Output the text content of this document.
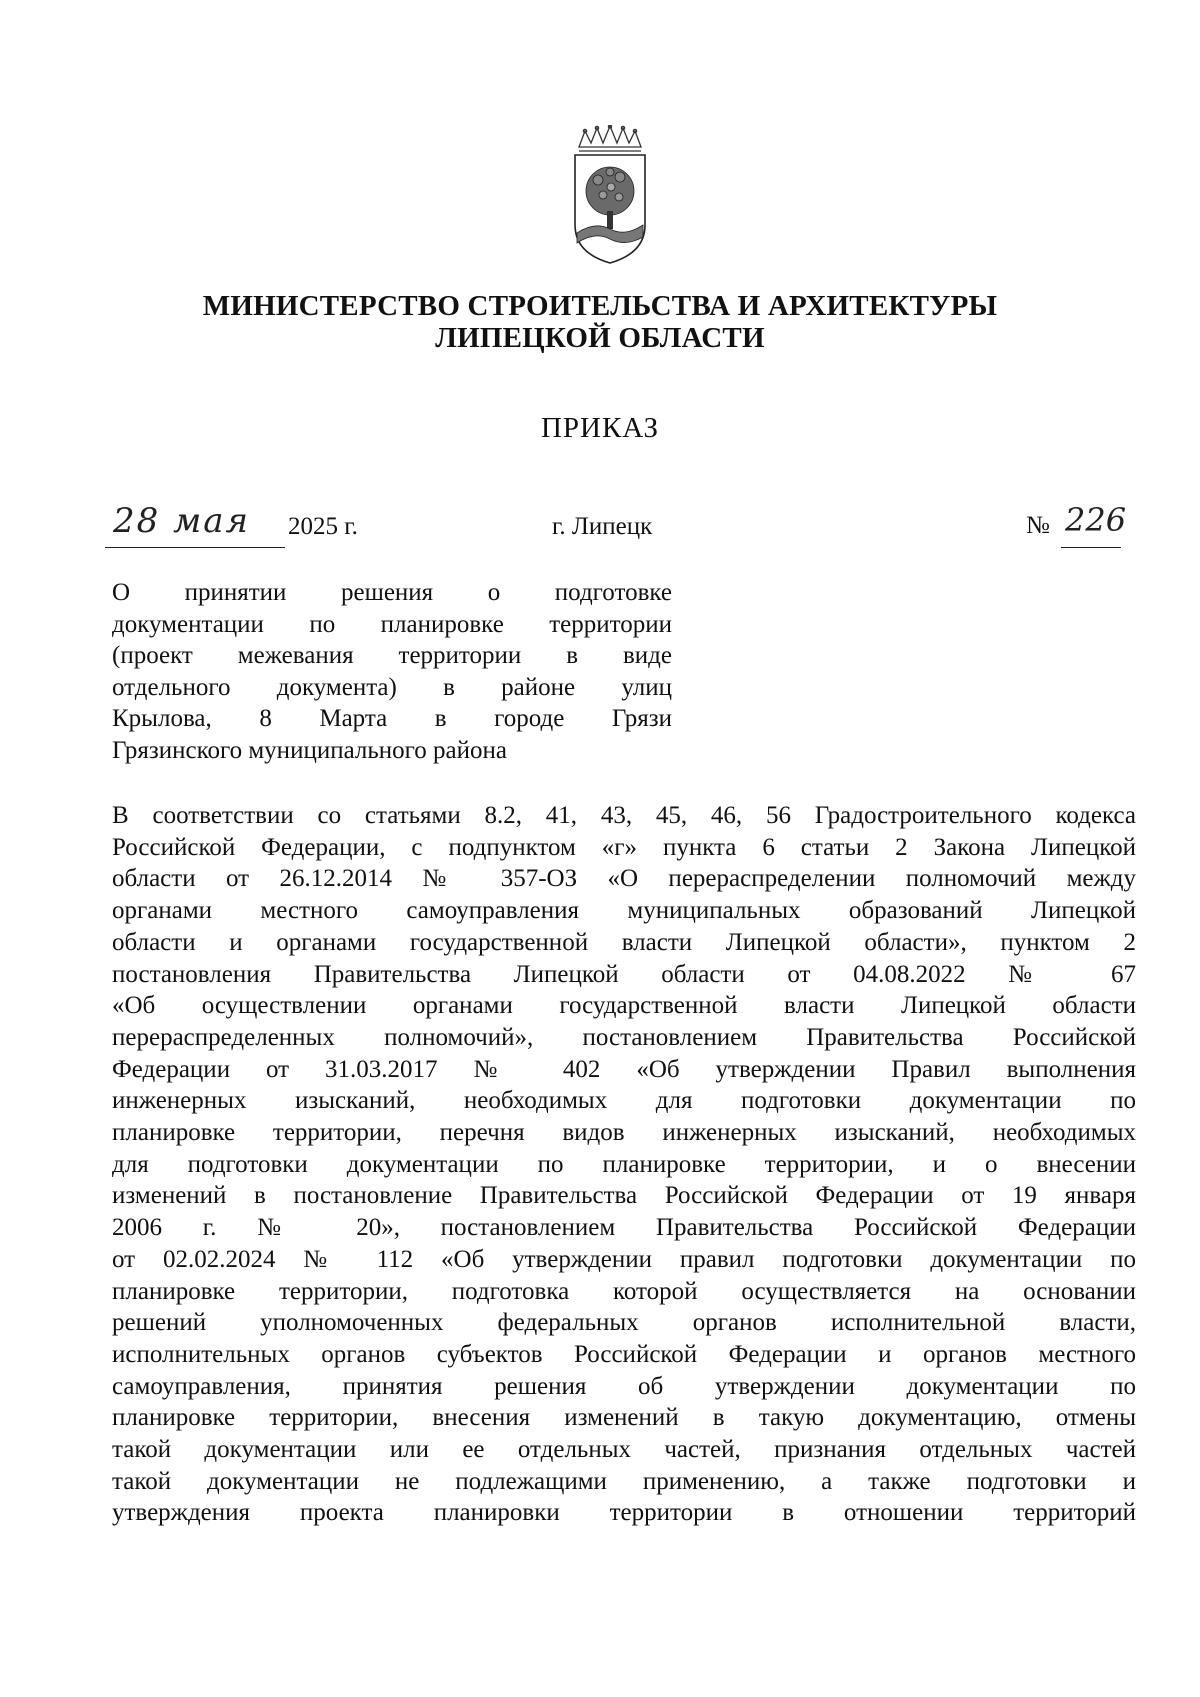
МИНИСТЕРСТВО СТРОИТЕЛЬСТВА И АРХИТЕКТУРЫ
ЛИПЕЦКОЙ ОБЛАСТИ
ПРИКАЗ
28 мая 2025 г.	г. Липецк	№ 226
О принятии решения о подготовке
документации по планировке территории
(проект межевания территории в виде
отдельного документа) в районе улиц
Крылова, 8 Марта в городе Грязи
Грязинского муниципального района
В соответствии со статьями 8.2, 41, 43, 45, 46, 56 Градостроительного кодекса
Российской Федерации, с подпунктом «г» пункта 6 статьи 2 Закона Липецкой
области от 26.12.2014 № 357-ОЗ «О перераспределении полномочий между
органами местного самоуправления муниципальных образований Липецкой
области и органами государственной власти Липецкой области», пунктом 2
постановления Правительства Липецкой области от 04.08.2022 № 67
«Об осуществлении органами государственной власти Липецкой области
перераспределенных полномочий», постановлением Правительства Российской
Федерации от 31.03.2017 № 402 «Об утверждении Правил выполнения
инженерных изысканий, необходимых для подготовки документации по
планировке территории, перечня видов инженерных изысканий, необходимых
для подготовки документации по планировке территории, и о внесении
изменений в постановление Правительства Российской Федерации от 19 января
2006 г. № 20», постановлением Правительства Российской Федерации
от 02.02.2024 № 112 «Об утверждении правил подготовки документации по
планировке территории, подготовка которой осуществляется на основании
решений уполномоченных федеральных органов исполнительной власти,
исполнительных органов субъектов Российской Федерации и органов местного
самоуправления, принятия решения об утверждении документации по
планировке территории, внесения изменений в такую документацию, отмены
такой документации или ее отдельных частей, признания отдельных частей
такой документации не подлежащими применению, а также подготовки и
утверждения проекта планировки территории в отношении территорий
